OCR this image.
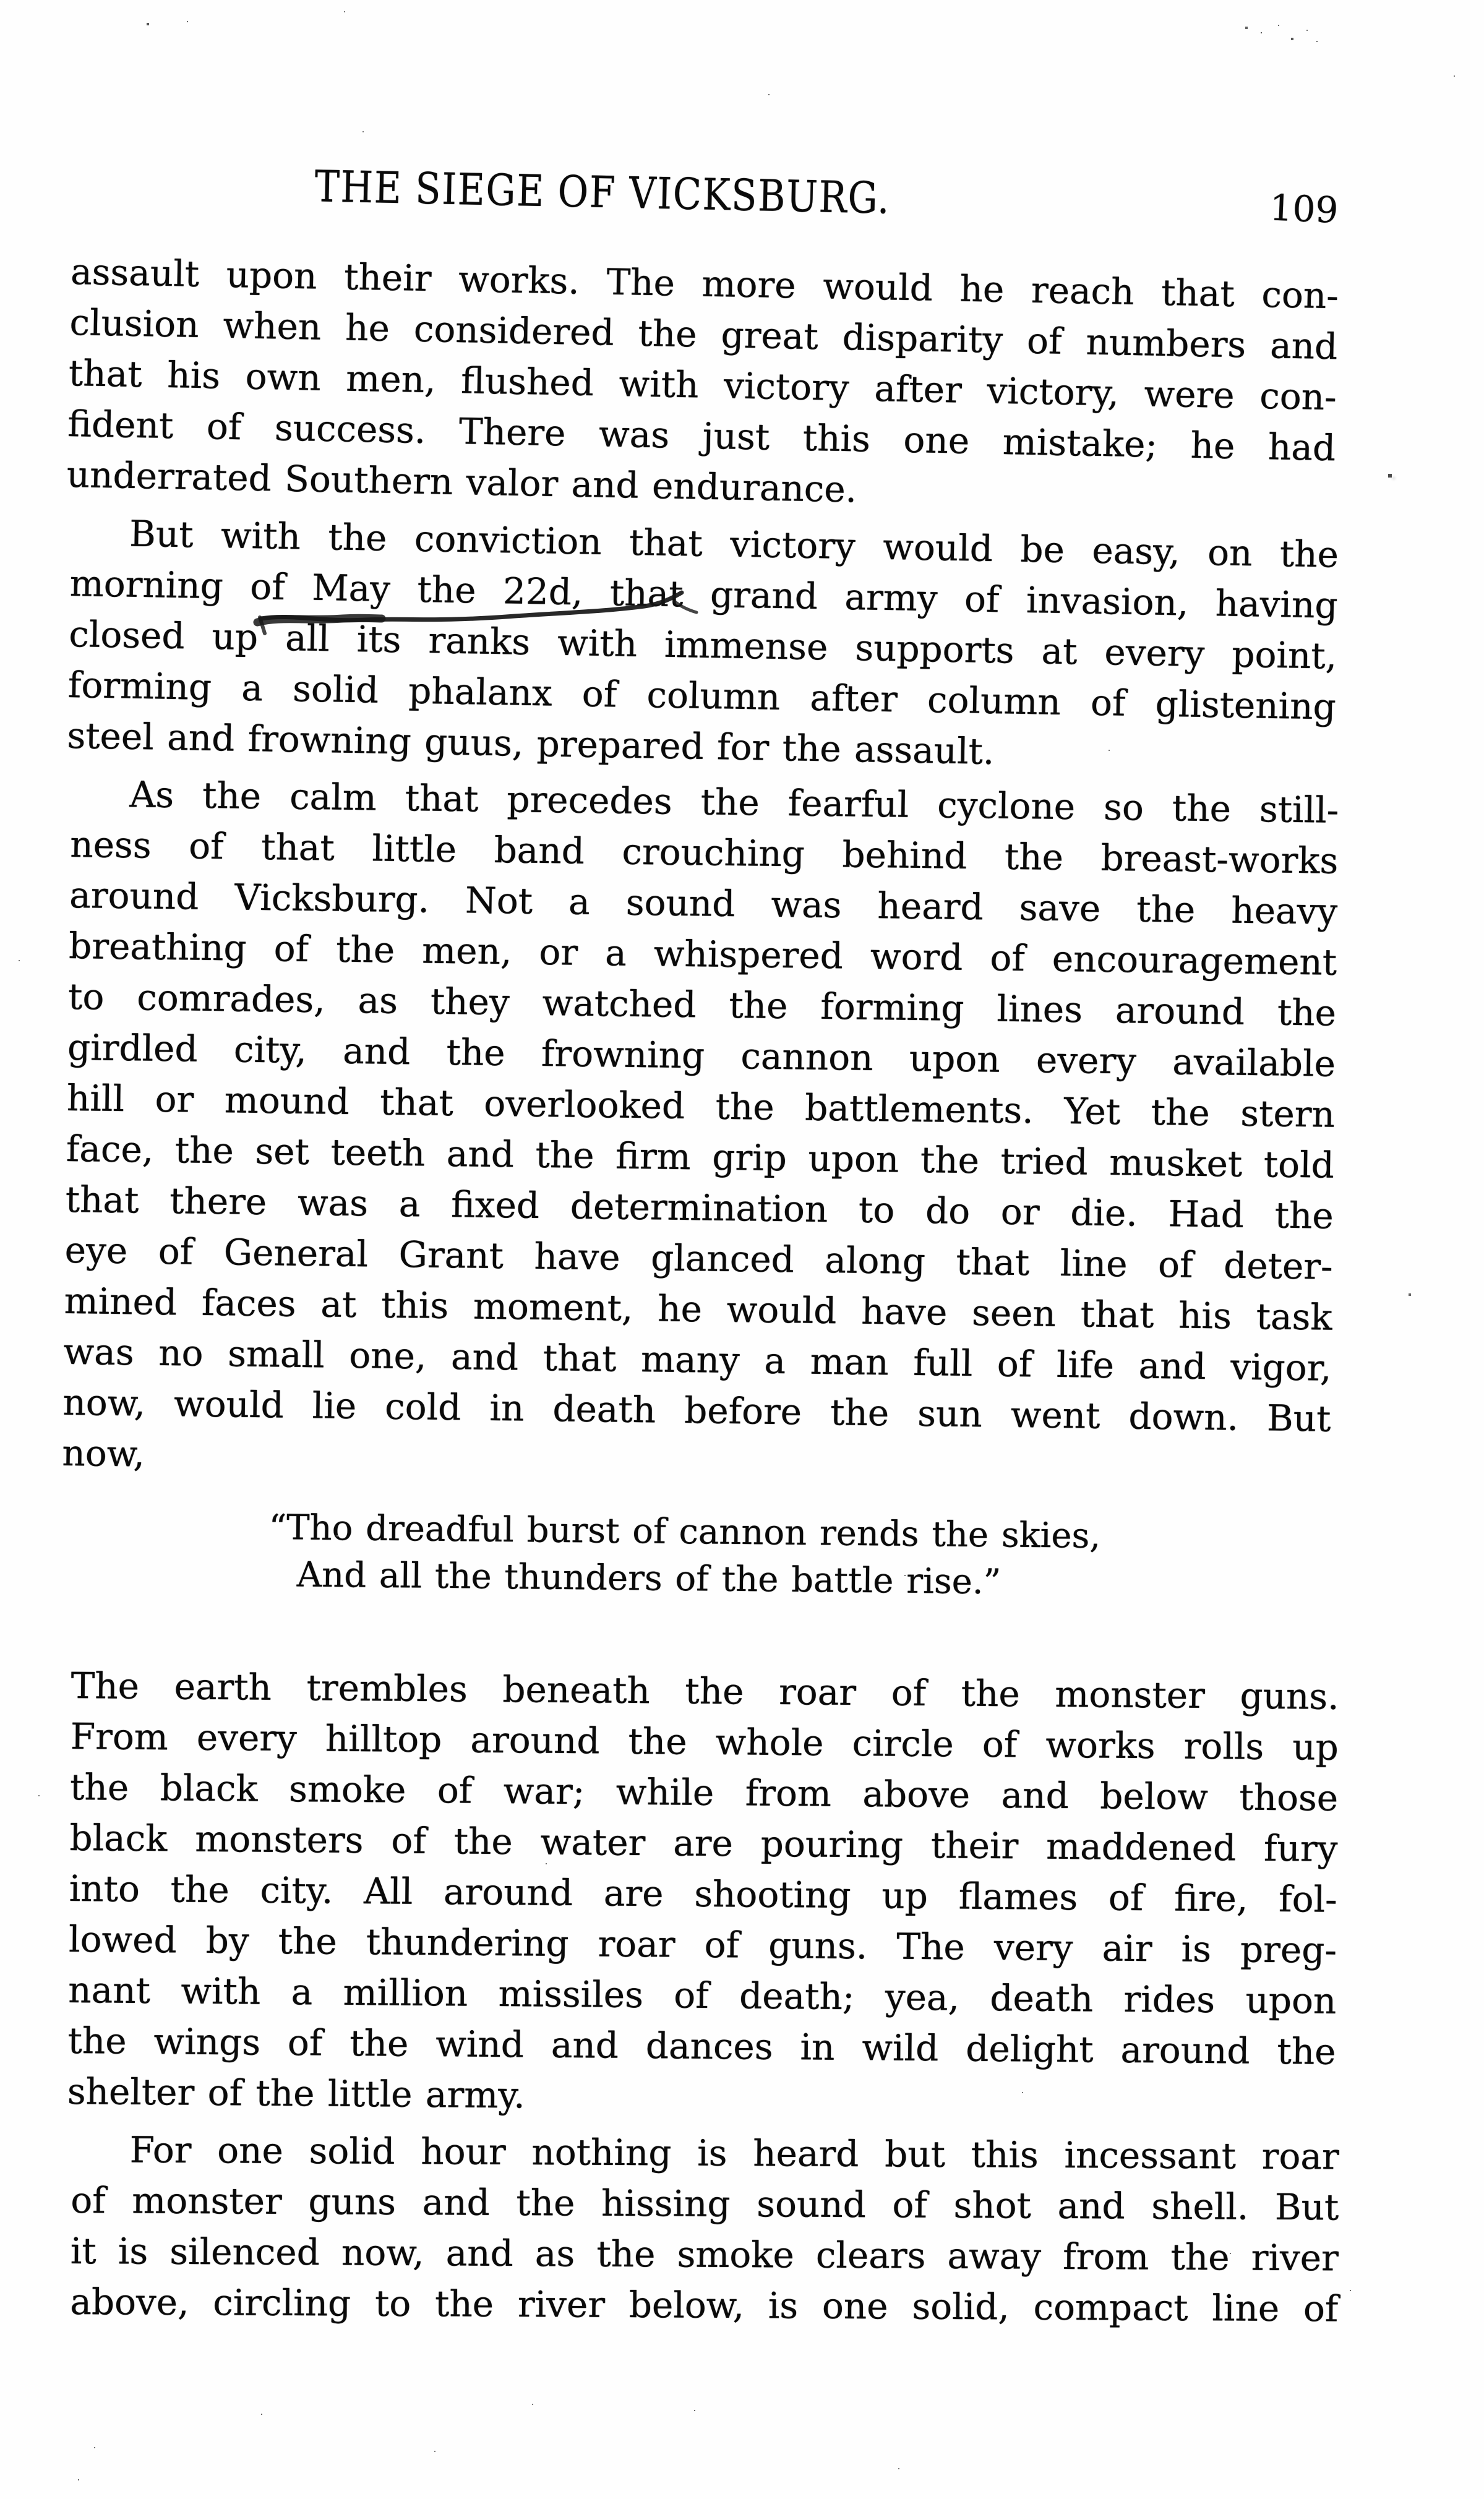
THE SIEGE OF VICKSBURG.	109
assault upon their works. The more would he reach that con-
clusion when he considered the great disparity of numbers and
that his own men, flushed with victory after victory, were con-
fident of success. There was just this one mistake; he had
underrated Southern valor and endurance.
But with the conviction that victory would be easy, on the
morning of May the 22d, that grand army of invasion, having
closed up all its ranks with immense supports at every point,
forming a solid phalanx of column after column of glistening
steel and frowning guus, prepared for the assault.
As the calm that precedes the fearful cyclone so the still-
ness of that little band crouching behind the breast-works
around Vicksburg. Not a sound was heard save the heavy
breathing of the men, or a whispered word of encouragement
to comrades, as they watched the forming lines around the
girdled city, and the frowning cannon upon every available
hill or mound that overlooked the battlements. Yet the stern
face, the set teeth and the firm grip upon the tried musket told
that there was a fixed determination to do or die. Had the
eye of General Grant have glanced along that line of deter-
mined faces at this moment, he would have seen that his task
was no small one, and that many a man full of life and vigor,
now, would lie cold in death before the sun went down. But
now,
“Tho dreadful burst of cannon rends the skies,
And all the thunders of the battle rise.”
The earth trembles beneath the roar of the monster guns.
From every hilltop around the whole circle of works rolls up
the black smoke of war; while from above and below those
black monsters of the water are pouring their maddened fury
into the city. All around are shooting up flames of fire, fol-
lowed by the thundering roar of guns. The very air is preg-
nant with a million missiles of death; yea, death rides upon
the wings of the wind and dances in wild delight around the
shelter of the little army.
For one solid hour nothing is heard but this incessant roar
of monster guns and the hissing sound of shot and shell. But
it is silenced now, and as the smoke clears away from the river
above, circling to the river below, is one solid, compact line of
